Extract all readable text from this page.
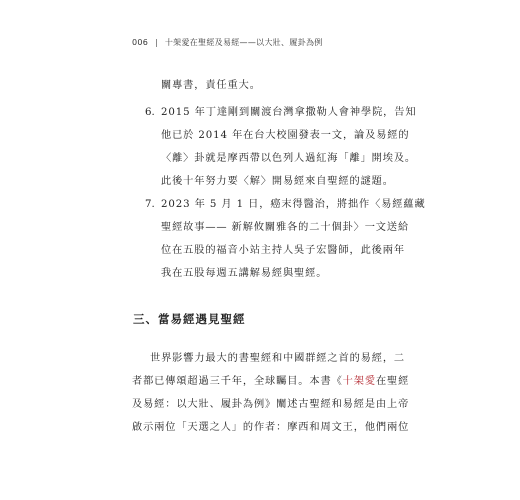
006 | 十架愛在聖經及易經——以大壯、履卦為例
關專書，責任重大。
6. 2015 年丁達剛到關渡台灣拿撒勒人會神學院，告知
他已於 2014 年在台大校園發表一文，論及易經的
〈離〉卦就是摩西帶以色列人過紅海「離」開埃及。
此後十年努力要〈解〉開易經來自聖經的謎題。
7. 2023 年 5 月 1 日，癌末得醫治，將拙作〈易經蘊藏
聖經故事—— 新解攸關雅各的二十個卦〉一文送給
位在五股的福音小站主持人吳子宏醫師，此後兩年
我在五股每週五講解易經與聖經。
三、當易經遇見聖經
世界影響力最大的書聖經和中國群經之首的易經，二
者都已傳頌超過三千年，全球矚目。本書《十架愛在聖經
及易經：以大壯、履卦為例》闡述古聖經和易經是由上帝
啟示兩位「天選之人」的作者：摩西和周文王，他們兩位
